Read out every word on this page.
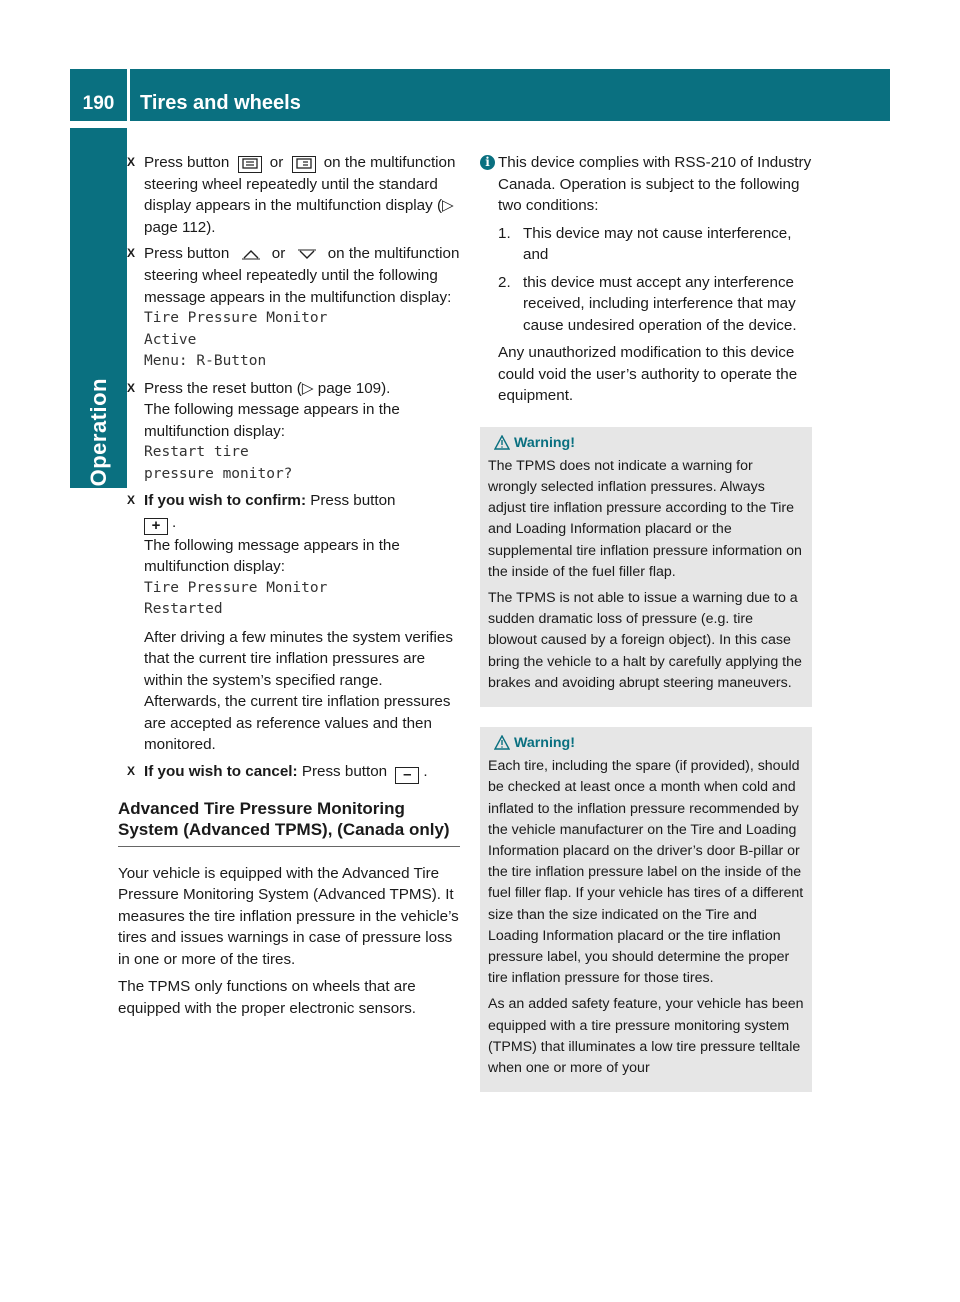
190	Tires and wheels
Operation
X Press button	or	on the multifunction steering wheel repeatedly until the standard display appears in the multifunction display (▷ page 112).
X Press button	or	on the multifunction steering wheel repeatedly until the following message appears in the multifunction display:
Tire Pressure Monitor
Active
Menu: R-Button
X Press the reset button (▷ page 109).
The following message appears in the multifunction display:
Restart tire
pressure monitor?
X If you wish to confirm: Press button
+ .
The following message appears in the multifunction display:
Tire Pressure Monitor
Restarted
After driving a few minutes the system verifies that the current tire inflation pressures are within the system’s specified range. Afterwards, the current tire inflation pressures are accepted as reference values and then monitored.
X If you wish to cancel: Press button – .
Advanced Tire Pressure Monitoring System (Advanced TPMS), (Canada only)
Your vehicle is equipped with the Advanced Tire Pressure Monitoring System (Advanced TPMS). It measures the tire inflation pressure in the vehicle’s tires and issues warnings in case of pressure loss in one or more of the tires.
The TPMS only functions on wheels that are equipped with the proper electronic sensors.
i This device complies with RSS-210 of Industry Canada. Operation is subject to the following two conditions:
1. This device may not cause interference, and
2. this device must accept any interference received, including interference that may cause undesired operation of the device.
Any unauthorized modification to this device could void the user’s authority to operate the equipment.
Warning!
The TPMS does not indicate a warning for wrongly selected inflation pressures. Always adjust tire inflation pressure according to the Tire and Loading Information placard or the supplemental tire inflation pressure information on the inside of the fuel filler flap.
The TPMS is not able to issue a warning due to a sudden dramatic loss of pressure (e.g. tire blowout caused by a foreign object). In this case bring the vehicle to a halt by carefully applying the brakes and avoiding abrupt steering maneuvers.
Warning!
Each tire, including the spare (if provided), should be checked at least once a month when cold and inflated to the inflation pressure recommended by the vehicle manufacturer on the Tire and Loading Information placard on the driver’s door B-pillar or the tire inflation pressure label on the inside of the fuel filler flap. If your vehicle has tires of a different size than the size indicated on the Tire and Loading Information placard or the tire inflation pressure label, you should determine the proper tire inflation pressure for those tires.
As an added safety feature, your vehicle has been equipped with a tire pressure monitoring system (TPMS) that illuminates a low tire pressure telltale when one or more of your
